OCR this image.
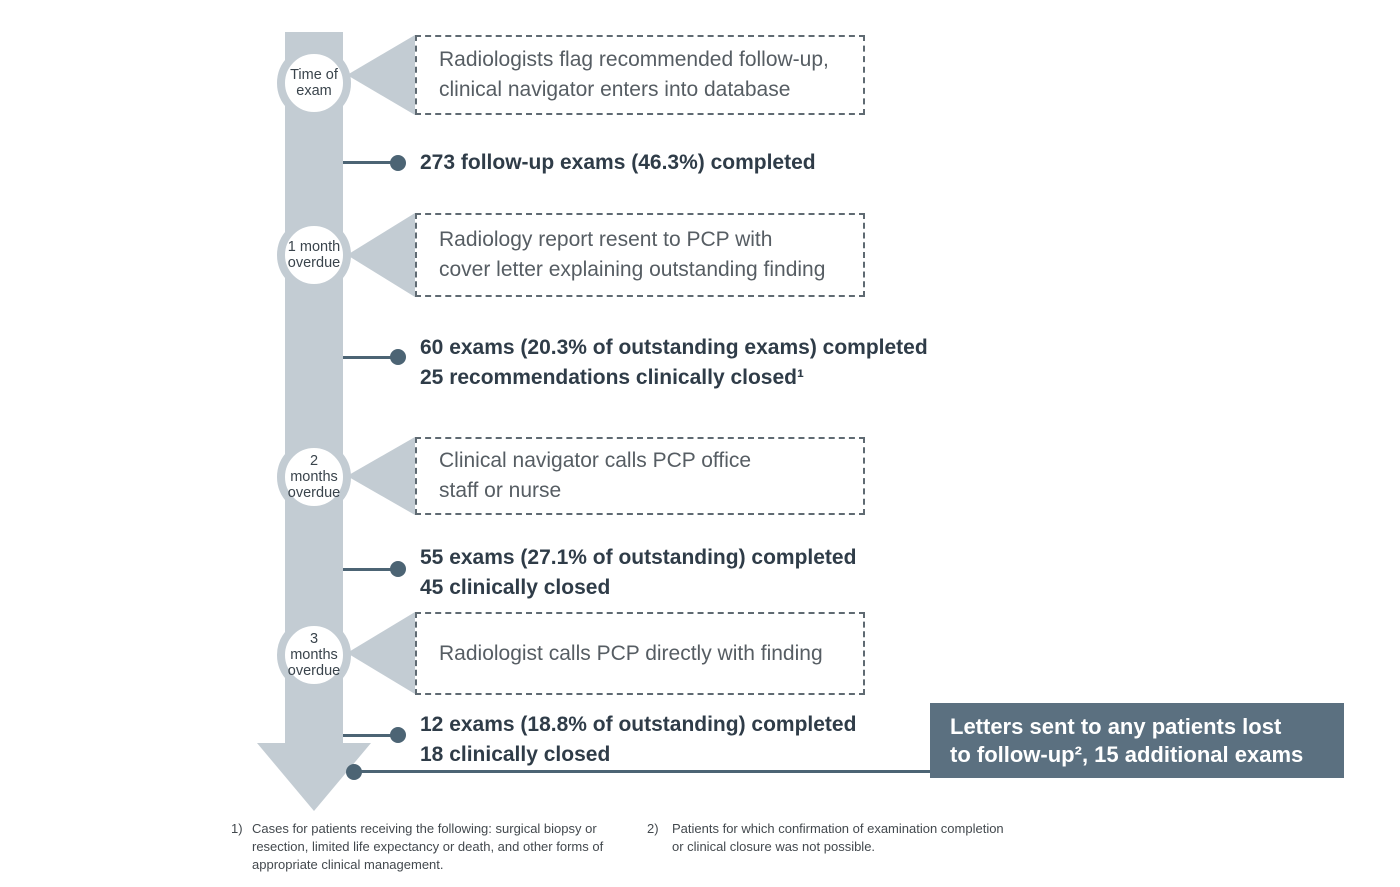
Radiologists flag recommended follow-up,
clinical navigator enters into database
Time of exam
273 follow-up exams (46.3%) completed
Radiology report resent to PCP with
cover letter explaining outstanding finding
1 month overdue
60 exams (20.3% of outstanding exams) completed
25 recommendations clinically closed¹
Clinical navigator calls PCP office
staff or nurse
2 months overdue
55 exams (27.1% of outstanding) completed
45 clinically closed
Radiologist calls PCP directly with finding
3 months overdue
12 exams (18.8% of outstanding) completed
18 clinically closed
Letters sent to any patients lost
to follow-up², 15 additional exams
1) Cases for patients receiving the following: surgical biopsy or
resection, limited life expectancy or death, and other forms of
appropriate clinical management.
2) Patients for which confirmation of examination completion
or clinical closure was not possible.
